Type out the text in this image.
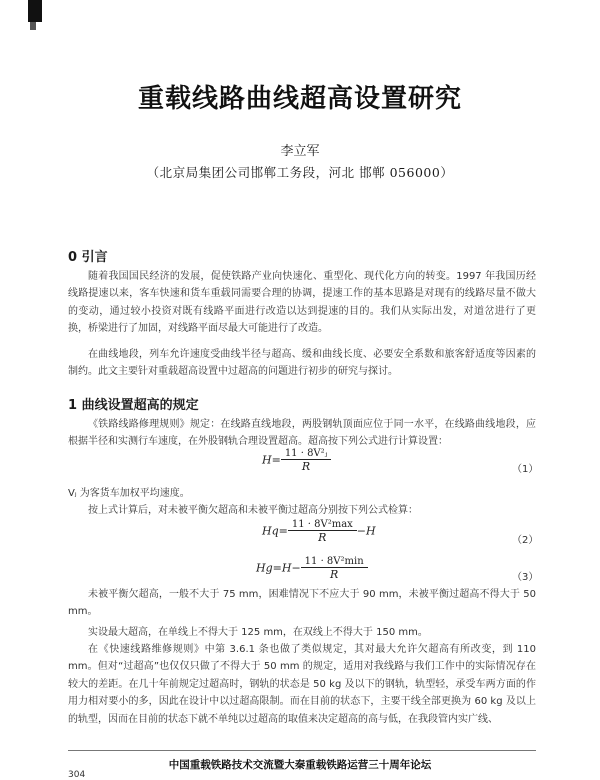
重载线路曲线超高设置研究
李立军
（北京局集团公司邯郸工务段，河北 邯郸 056000）
0 引言
随着我国国民经济的发展，促使铁路产业向快速化、重型化、现代化方向的转变。1997 年我国历经线路提速以来，客车快速和货车重载同需要合理的协调，提速工作的基本思路是对现有的线路尽量不做大的变动，通过较小投资对既有线路平面进行改造以达到提速的目的。我们从实际出发，对道岔进行了更换，桥梁进行了加固，对线路平面尽最大可能进行了改造。
在曲线地段，列车允许速度受曲线半径与超高、缓和曲线长度、必要安全系数和旅客舒适度等因素的制约。此文主要针对重载超高设置中过超高的问题进行初步的研究与探讨。
1 曲线设置超高的规定
《铁路线路修理规则》规定：在线路直线地段，两股钢轨顶面应位于同一水平，在线路曲线地段，应根据半径和实测行车速度，在外股钢轨合理设置超高。超高按下列公式进行计算设置：
$H= \frac{\text{11 · 8V²ⱼ}}{R}$	（1）
Vⱼ 为客货车加权平均速度。
按上式计算后，对未被平衡欠超高和未被平衡过超高分别按下列公式检算：
$Hq= \frac{\text{11 · 8V²max}}{R} -H$
（2）
$Hg=H- \frac{\text{11 · 8V²min}}{R}$	（3）
未被平衡欠超高，一般不大于 75 mm，困难情况下不应大于 90 mm，未被平衡过超高不得大于 50 mm。
实设最大超高，在单线上不得大于 125 mm，在双线上不得大于 150 mm。
在《快速线路维修规则》中第 3.6.1 条也做了类似规定，其对最大允许欠超高有所改变，到 110 mm。但对“过超高”也仅仅只做了不得大于 50 mm 的规定，适用对我线路与我们工作中的实际情况存在较大的差距。在几十年前规定过超高时，钢轨的状态是 50 kg 及以下的钢轨，轨型轻，承受车两方面的作用力相对要小的多，因此在设计中以过超高限制。而在目前的状态下，主要干线全部更换为 60 kg 及以上的轨型，因而在目前的状态下就不单纯以过超高的取值来决定超高的高与低，在我段管内实广线、
中国重载铁路技术交流暨大秦重载铁路运营三十周年论坛
304
